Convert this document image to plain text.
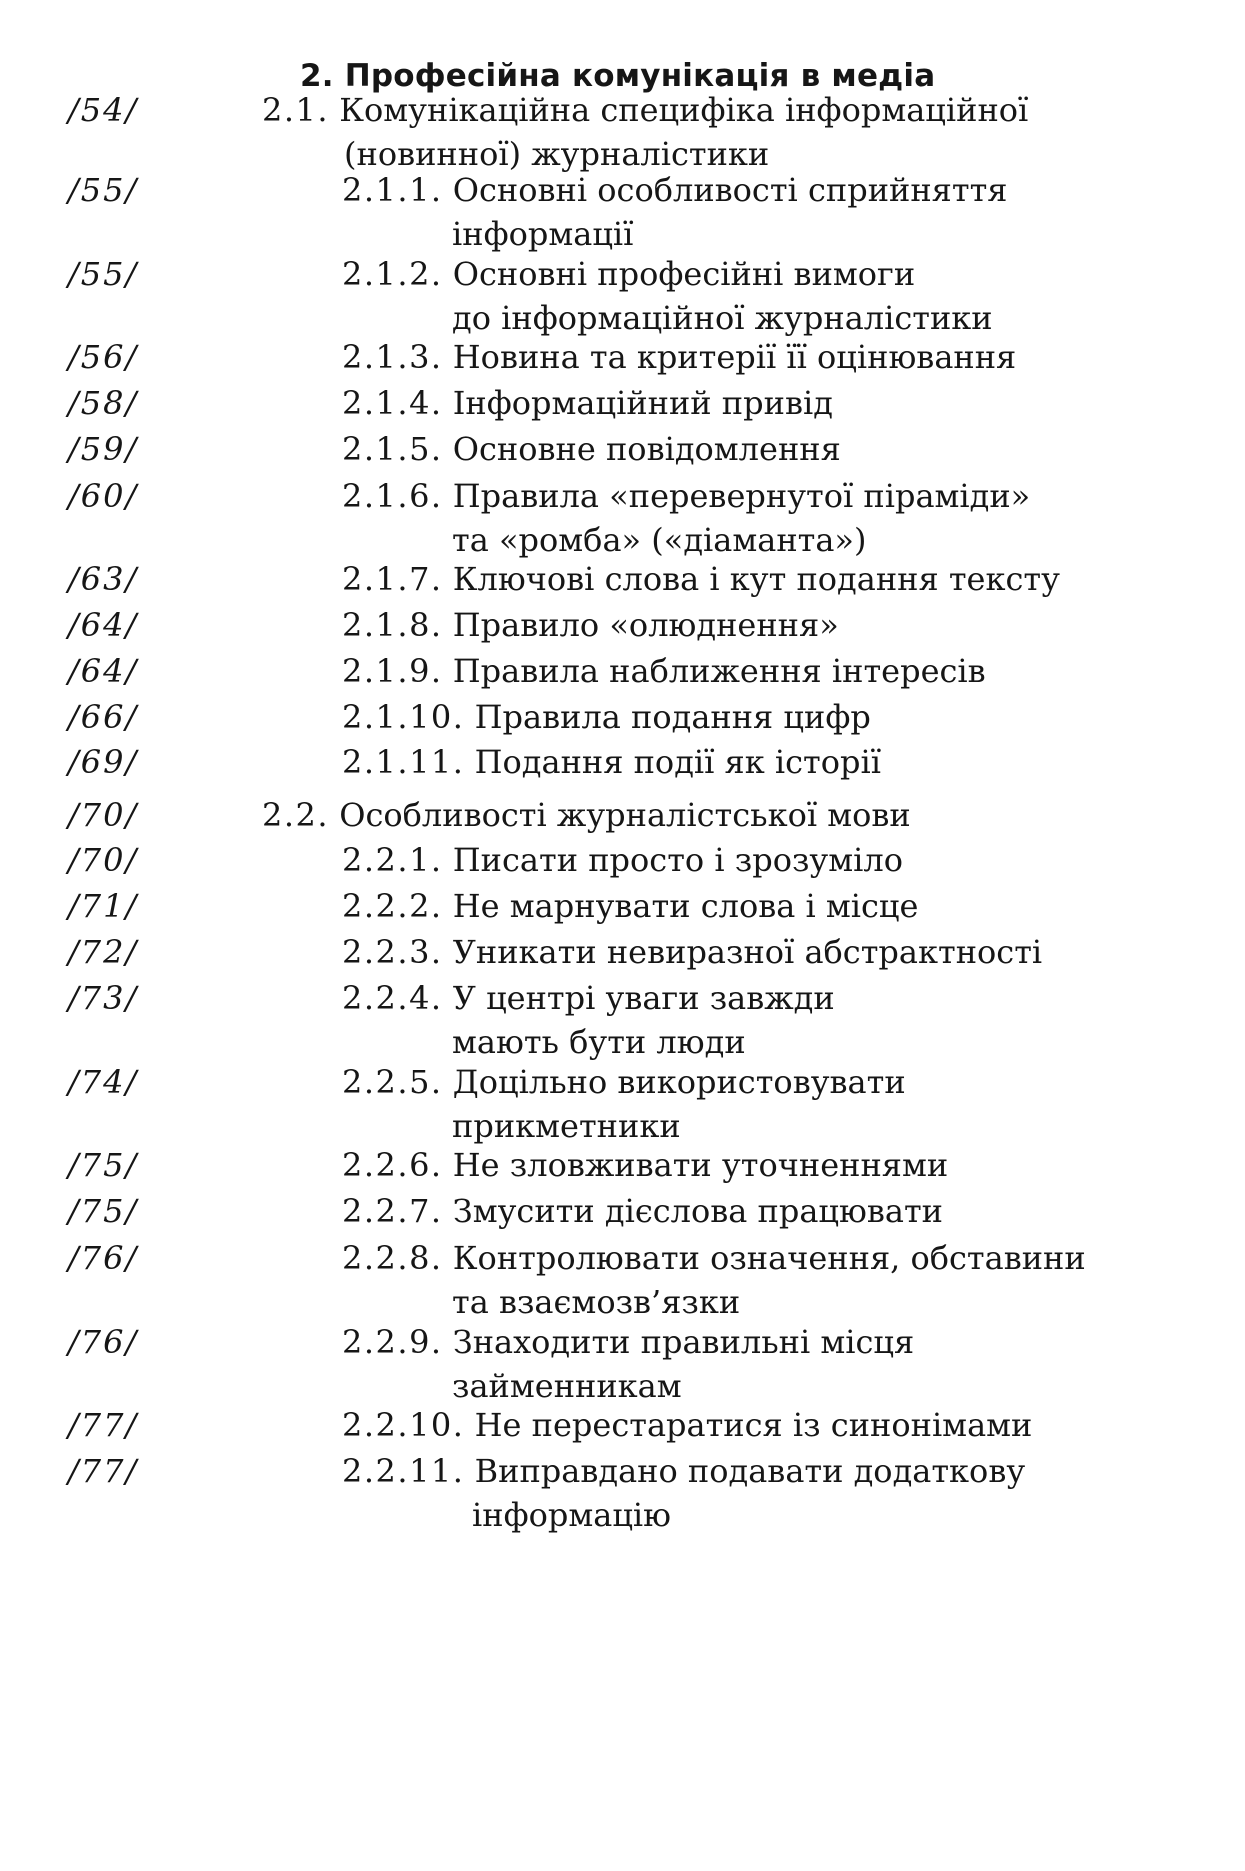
2. Професійна комунікація в медіа
/54/	2.1. Комунікаційна специфіка інформаційної
(новинної) журналістики
/55/	2.1.1. Основні особливості сприйняття
інформації
/55/	2.1.2. Основні професійні вимоги
до інформаційної журналістики
/56/	2.1.3. Новина та критерії її оцінювання
/58/	2.1.4. Інформаційний привід
/59/	2.1.5. Основне повідомлення
/60/	2.1.6. Правила «перевернутої піраміди»
та «ромба» («діаманта»)
/63/	2.1.7. Ключові слова і кут подання тексту
/64/	2.1.8. Правило «олюднення»
/64/	2.1.9. Правила наближення інтересів
/66/	2.1.10. Правила подання цифр
/69/	2.1.11. Подання події як історії
/70/	2.2. Особливості журналістської мови
/70/	2.2.1. Писати просто і зрозуміло
/71/	2.2.2. Не марнувати слова і місце
/72/	2.2.3. Уникати невиразної абстрактності
/73/	2.2.4. У центрі уваги завжди
мають бути люди
/74/	2.2.5. Доцільно використовувати
прикметники
/75/	2.2.6. Не зловживати уточненнями
/75/	2.2.7. Змусити дієслова працювати
/76/	2.2.8. Контролювати означення, обставини
та взаємозв’язки
/76/	2.2.9. Знаходити правильні місця
займенникам
/77/	2.2.10. Не перестаратися із синонімами
/77/	2.2.11. Виправдано подавати додаткову
інформацію
